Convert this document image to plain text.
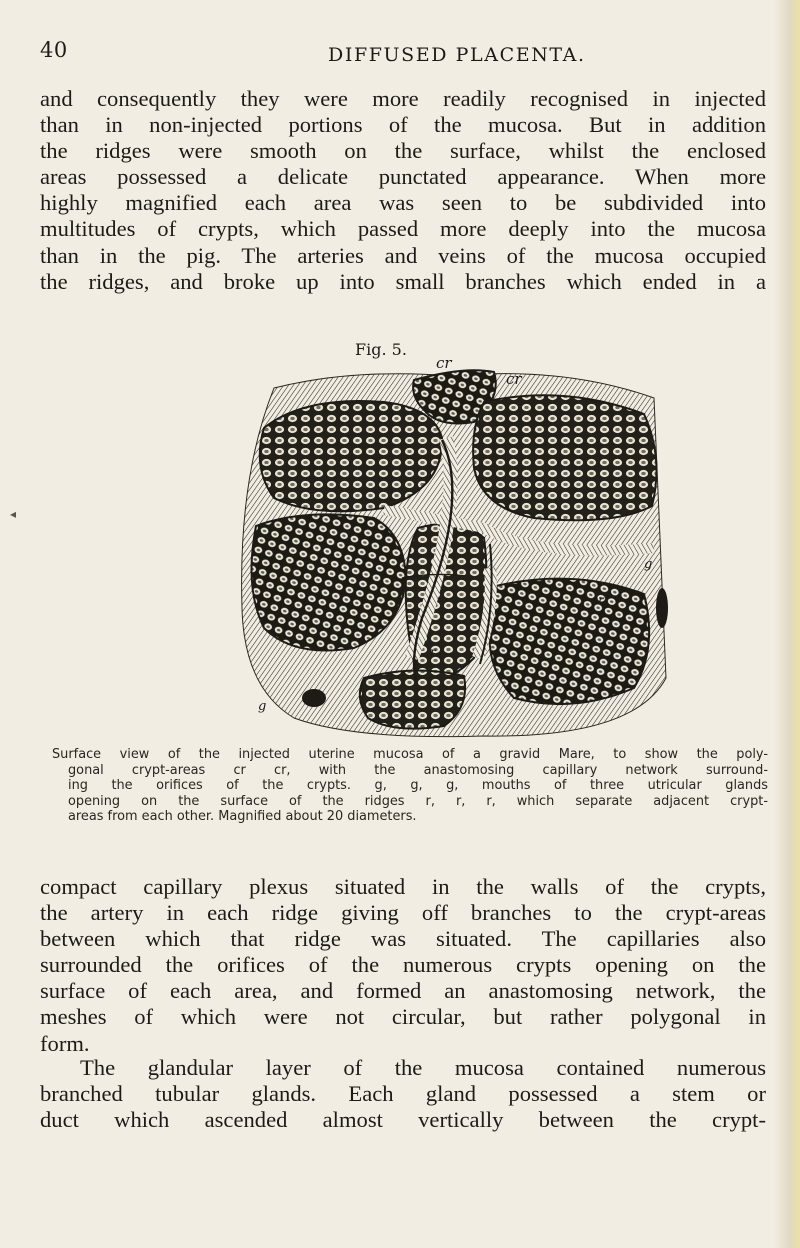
40	DIFFUSED PLACENTA.
◂
and consequently they were more readily recognised in injected
than in non-injected portions of the mucosa. But in addition
the ridges were smooth on the surface, whilst the enclosed
areas possessed a delicate punctated appearance. When more
highly magnified each area was seen to be subdivided into
multitudes of crypts, which passed more deeply into the mucosa
than in the pig. The arteries and veins of the mucosa occupied
the ridges, and broke up into small branches which ended in a
Fig. 5.
cr
cr
r
r
r
g
g
Surface view of the injected uterine mucosa of a gravid Mare, to show the poly-
gonal crypt-areas cr cr, with the anastomosing capillary network surround-
ing the orifices of the crypts. g, g, g, mouths of three utricular glands
opening on the surface of the ridges r, r, r, which separate adjacent crypt-
areas from each other. Magnified about 20 diameters.
compact capillary plexus situated in the walls of the crypts,
the artery in each ridge giving off branches to the crypt-areas
between which that ridge was situated. The capillaries also
surrounded the orifices of the numerous crypts opening on the
surface of each area, and formed an anastomosing network, the
meshes of which were not circular, but rather polygonal in
form.
The glandular layer of the mucosa contained numerous
branched tubular glands. Each gland possessed a stem or
duct which ascended almost vertically between the crypt-
